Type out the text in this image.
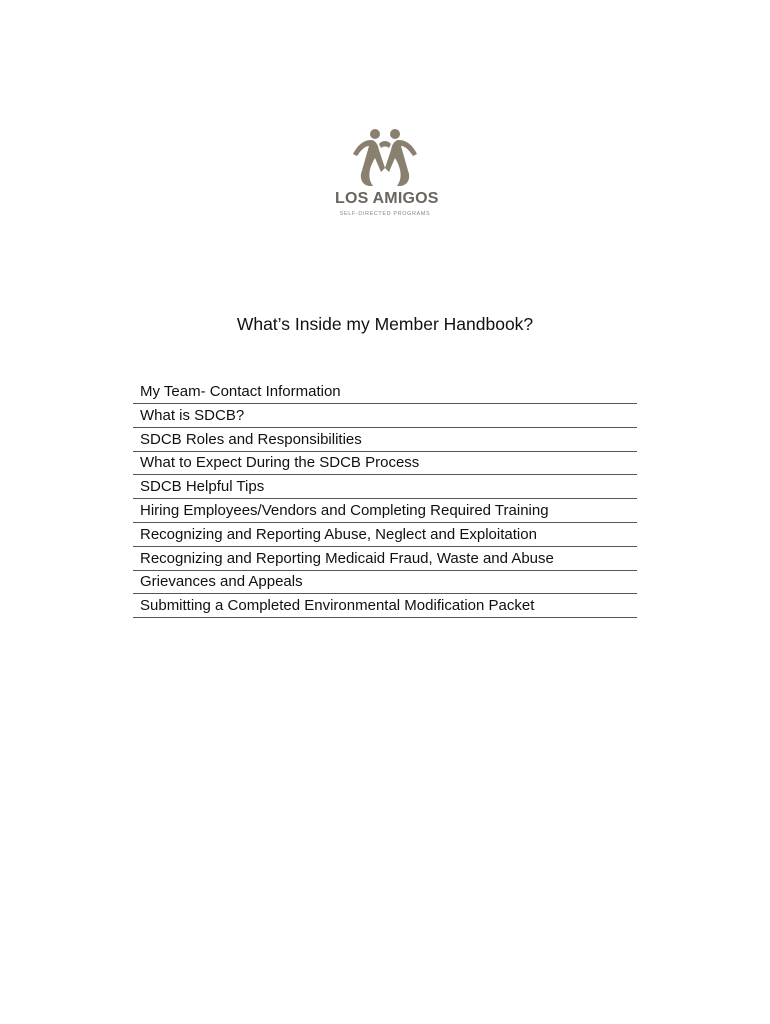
LOS AMIGOS
SELF-DIRECTED PROGRAMS
What’s Inside my Member Handbook?
My Team- Contact Information
What is SDCB?
SDCB Roles and Responsibilities
What to Expect During the SDCB Process
SDCB Helpful Tips
Hiring Employees/Vendors and Completing Required Training
Recognizing and Reporting Abuse, Neglect and Exploitation
Recognizing and Reporting Medicaid Fraud, Waste and Abuse
Grievances and Appeals
Submitting a Completed Environmental Modification Packet
